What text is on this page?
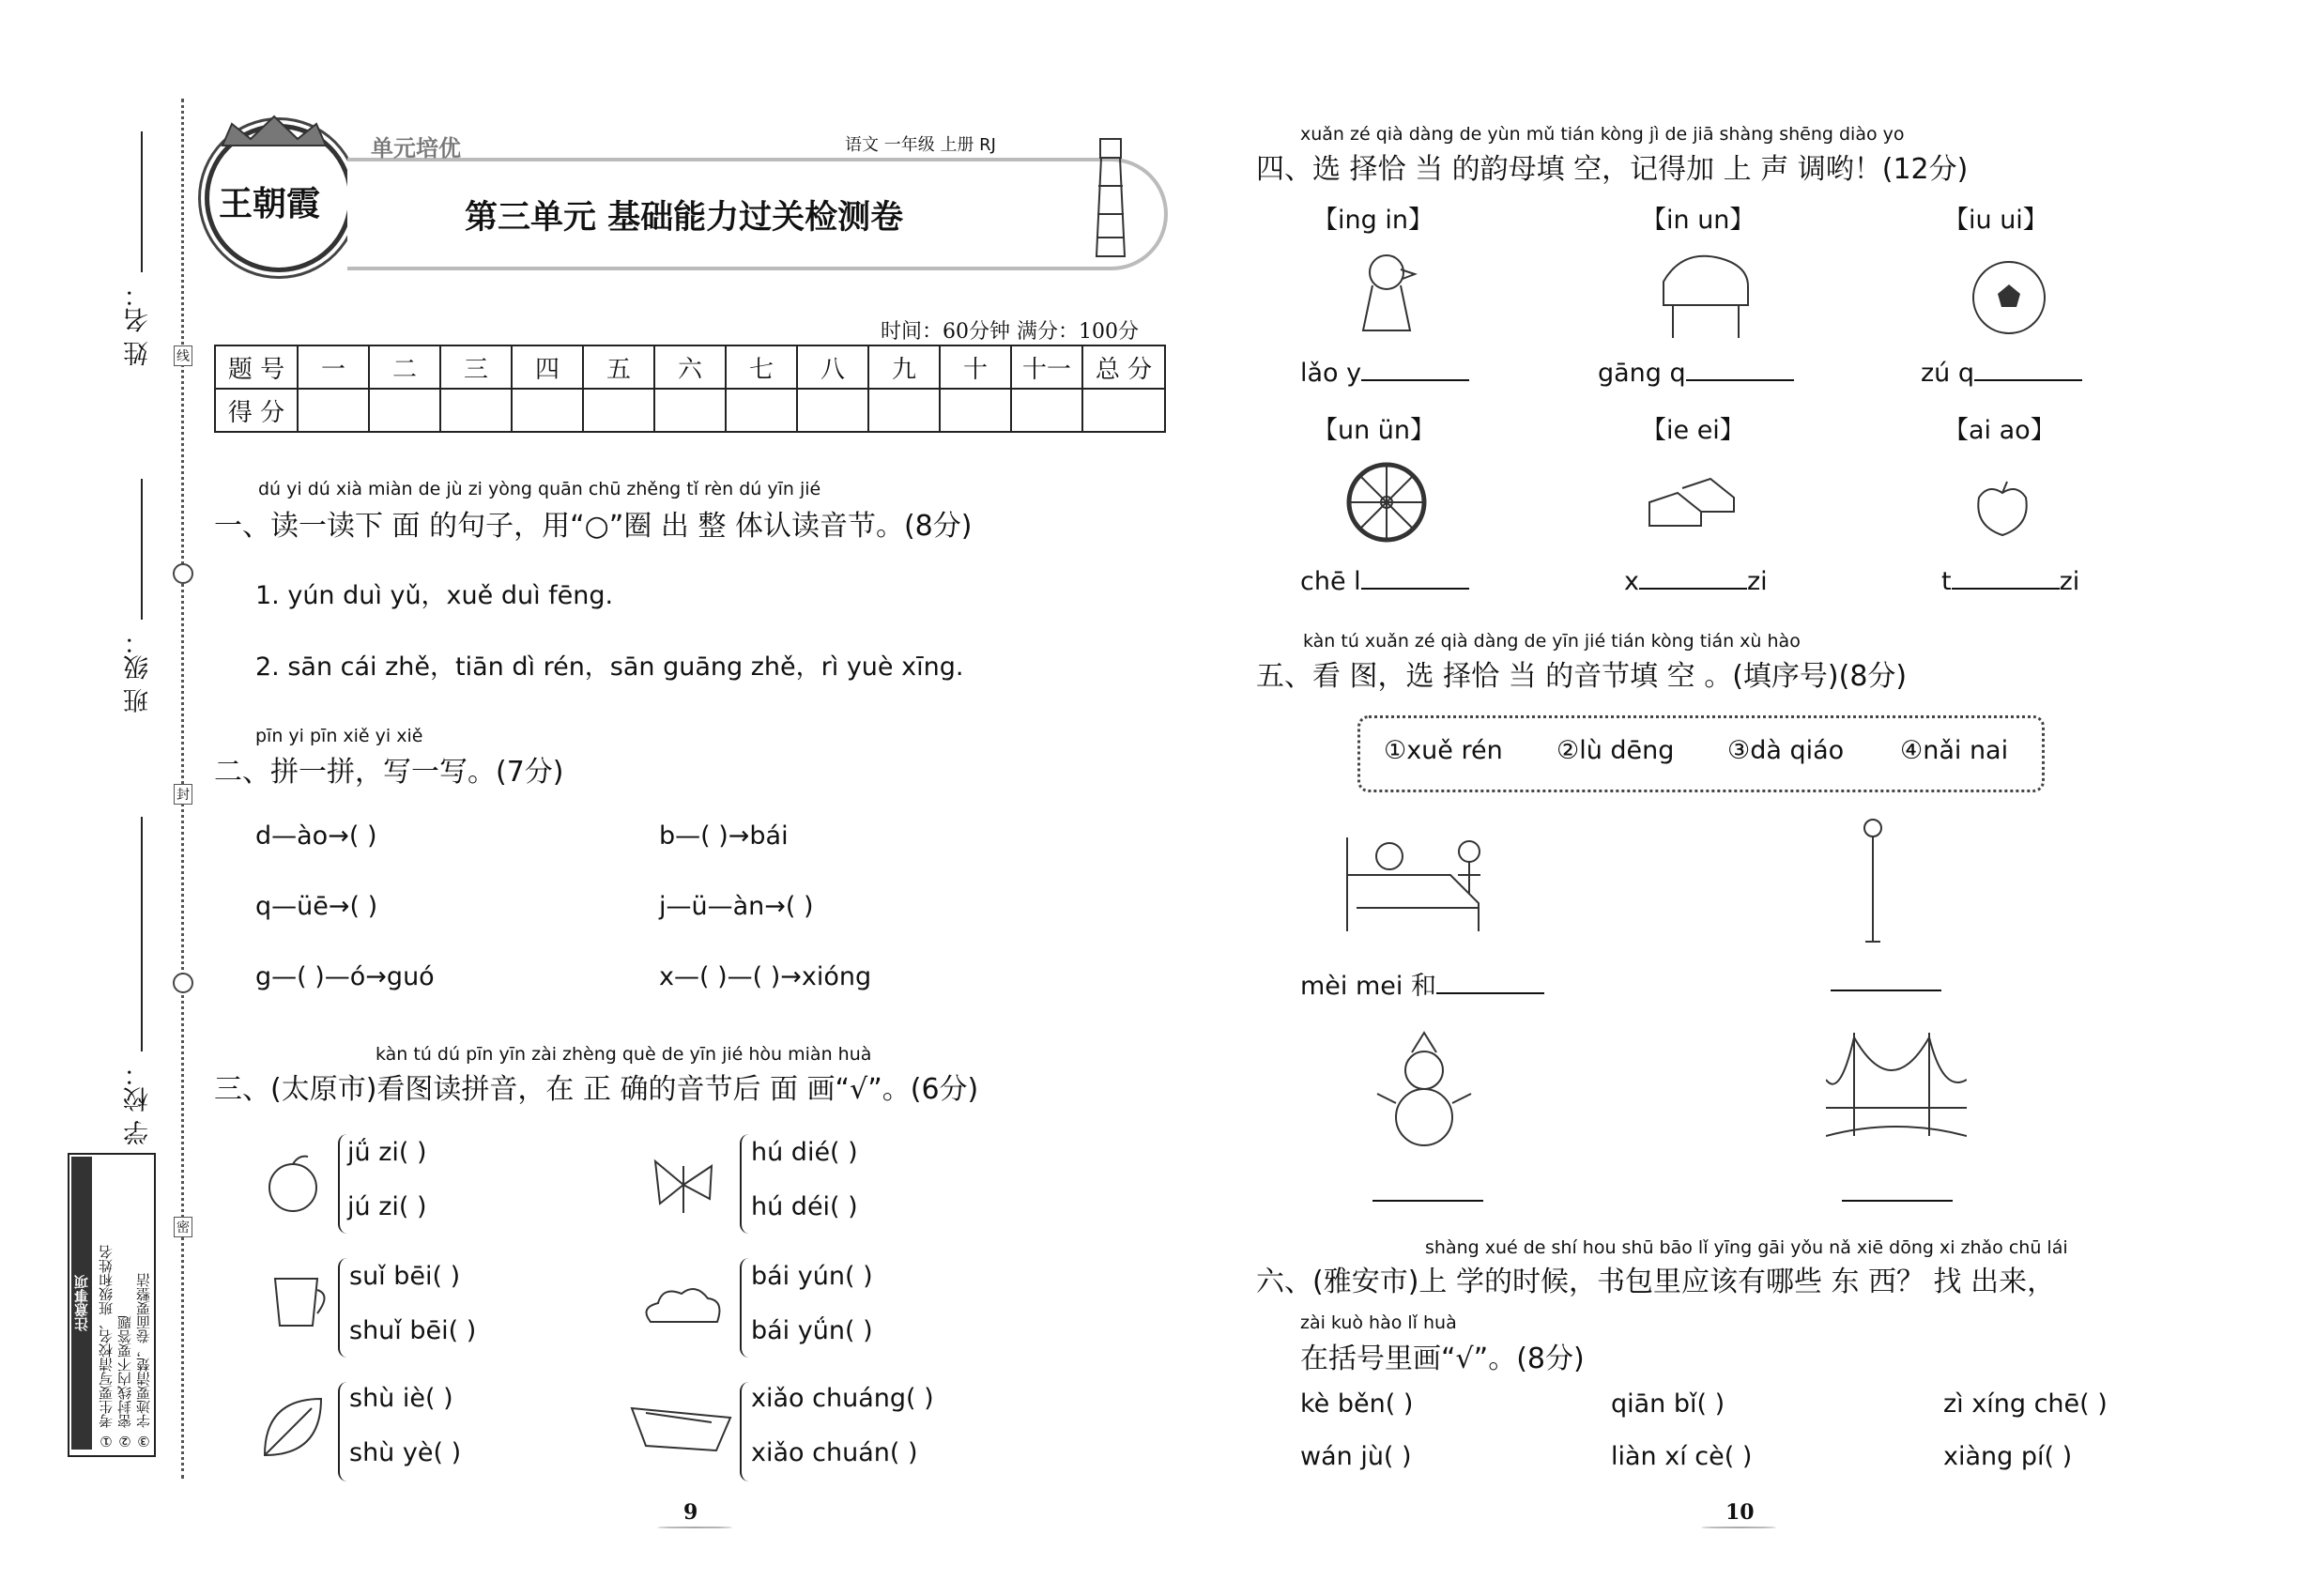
线
封
密
姓 名：
班 级：
学 校：
注意事项 ① 考生要写清校名、班级和姓名 ② 密封线内不要答题 ③ 字迹要清楚，卷面要整洁
王朝霞
单元培优	语文 一年级 上册 RJ
第三单元 基础能力过关检测卷
时间：60分钟 满分：100分
题 号	一	二	三	四	五	六	七	八	九	十	十一	总 分
得 分												
dú yi dú xià miàn de jù zi yòng quān chū zhěng tǐ rèn dú yīn jié
一、读一读下 面 的句子，用“○”圈 出 整 体认读音节。(8分)
1. yún duì yǔ，xuě duì fēng.
2. sān cái zhě，tiān dì rén，sān guāng zhě，rì yuè xīng.
pīn yi pīn xiě yi xiě
二、拼一拼，写一写。(7分)
d—ào→( )	b—( )→bái
q—üē→( )	j—ü—àn→( )
g—( )—ó→guó	x—( )—( )→xióng
kàn tú dú pīn yīn zài zhèng què de yīn jié hòu miàn huà
三、(太原市)看图读拼音，在 正 确的音节后 面 画“√”。(6分)
jǘ zi( )
jú zi( )
hú dié( )
hú déi( )
suǐ bēi( )
shuǐ bēi( )
bái yún( )
bái yǘn( )
shù iè( )
shù yè( )
xiǎo chuáng( )
xiǎo chuán( )
9
xuǎn zé qià dàng de yùn mǔ tián kòng jì de jiā shàng shēng diào yo
四、选 择恰 当 的韵母填 空，记得加 上 声 调哟！(12分)
【ing in】	【in un】	【iu ui】
lǎo y	gāng q	zú q
【un ün】	【ie ei】	【ai ao】
chē l	x	zi	t	zi
kàn tú xuǎn zé qià dàng de yīn jié tián kòng tián xù hào
五、看 图，选 择恰 当 的音节填 空 。(填序号)(8分)
①xuě rén ②lù dēng ③dà qiáo ④nǎi nai
mèi mei 和
shàng xué de shí hou shū bāo lǐ yīng gāi yǒu nǎ xiē dōng xi zhǎo chū lái
六、(雅安市)上 学的时候，书包里应该有哪些 东 西？ 找 出来，
zài kuò hào lǐ huà
在括号里画“√”。(8分)
kè běn( )	qiān bǐ( )	zì xíng chē( )
wán jù( )	liàn xí cè( )	xiàng pí( )
10
